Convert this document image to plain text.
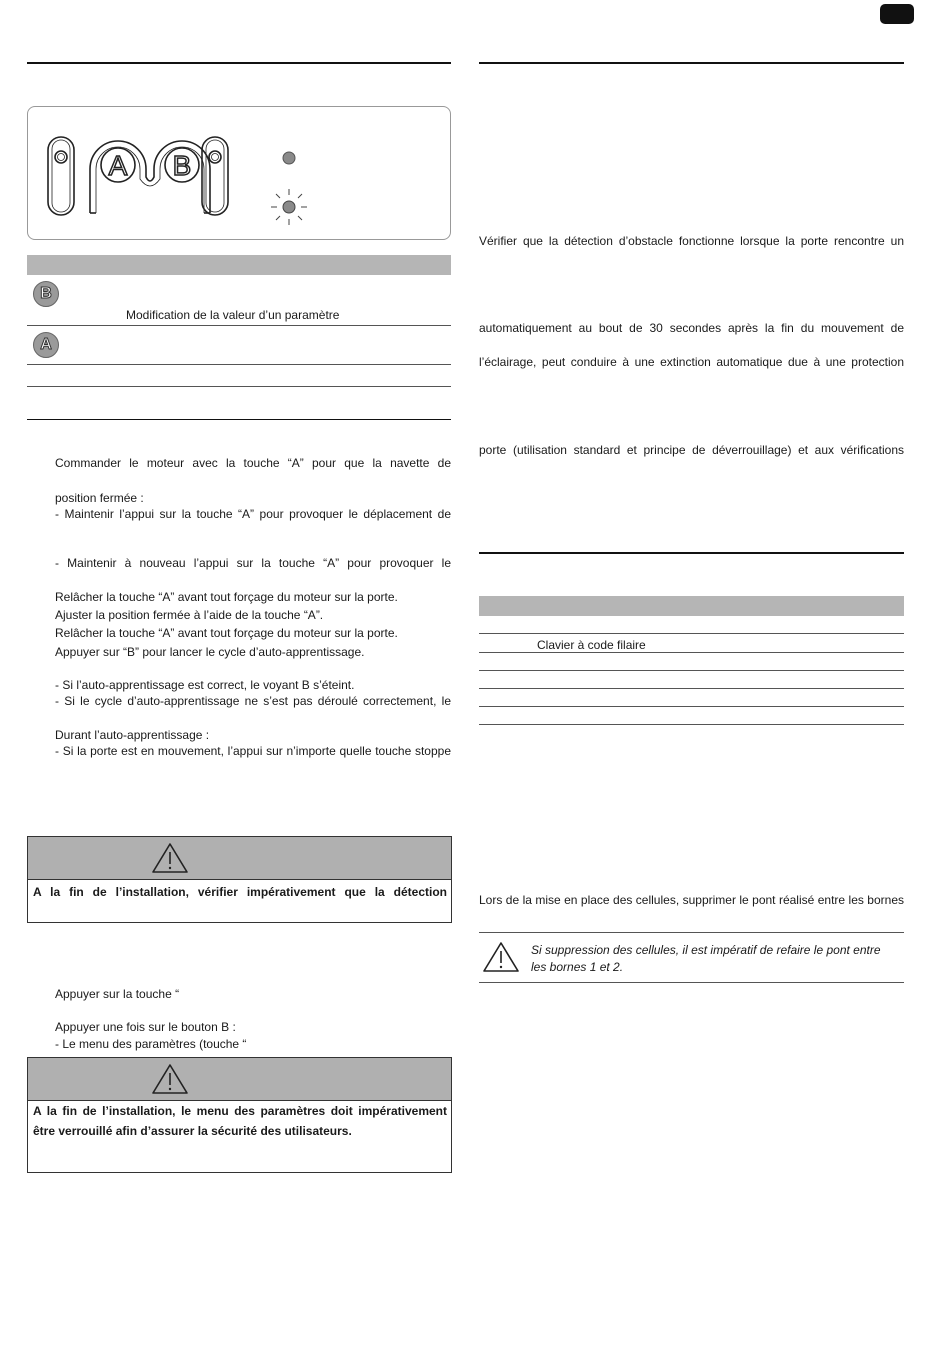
A B
B
Modification de la valeur d’un paramètre
A
Commander le moteur avec la touche “A” pour que la navette de
position fermée :
- Maintenir l’appui sur la touche “A” pour provoquer le déplacement de
- Maintenir à nouveau l’appui sur la touche “A” pour provoquer le
Relâcher la touche “A” avant tout forçage du moteur sur la porte.
Ajuster la position fermée à l’aide de la touche “A”.
Relâcher la touche “A” avant tout forçage du moteur sur la porte.
Appuyer sur “B” pour lancer le cycle d’auto-apprentissage.
- Si l’auto-apprentissage est correct, le voyant B s’éteint.
- Si le cycle d’auto-apprentissage ne s’est pas déroulé correctement, le
Durant l’auto-apprentissage :
- Si la porte est en mouvement, l’appui sur n’importe quelle touche stoppe
A la fin de l’installation, vérifier impérativement que la détection
Appuyer sur la touche “
Appuyer une fois sur le bouton B :
- Le menu des paramètres (touche “
A la fin de l’installation, le menu des paramètres doit impérativement
être verrouillé afin d’assurer la sécurité des utilisateurs.
Vérifier que la détection d’obstacle fonctionne lorsque la porte rencontre un
automatiquement au bout de 30 secondes après la fin du mouvement de
l’éclairage, peut conduire à une extinction automatique due à une protection
porte (utilisation standard et principe de déverrouillage) et aux vérifications
Clavier à code filaire
Lors de la mise en place des cellules, supprimer le pont réalisé entre les bornes
Si suppression des cellules, il est impératif de refaire le pont entre
les bornes 1 et 2.
